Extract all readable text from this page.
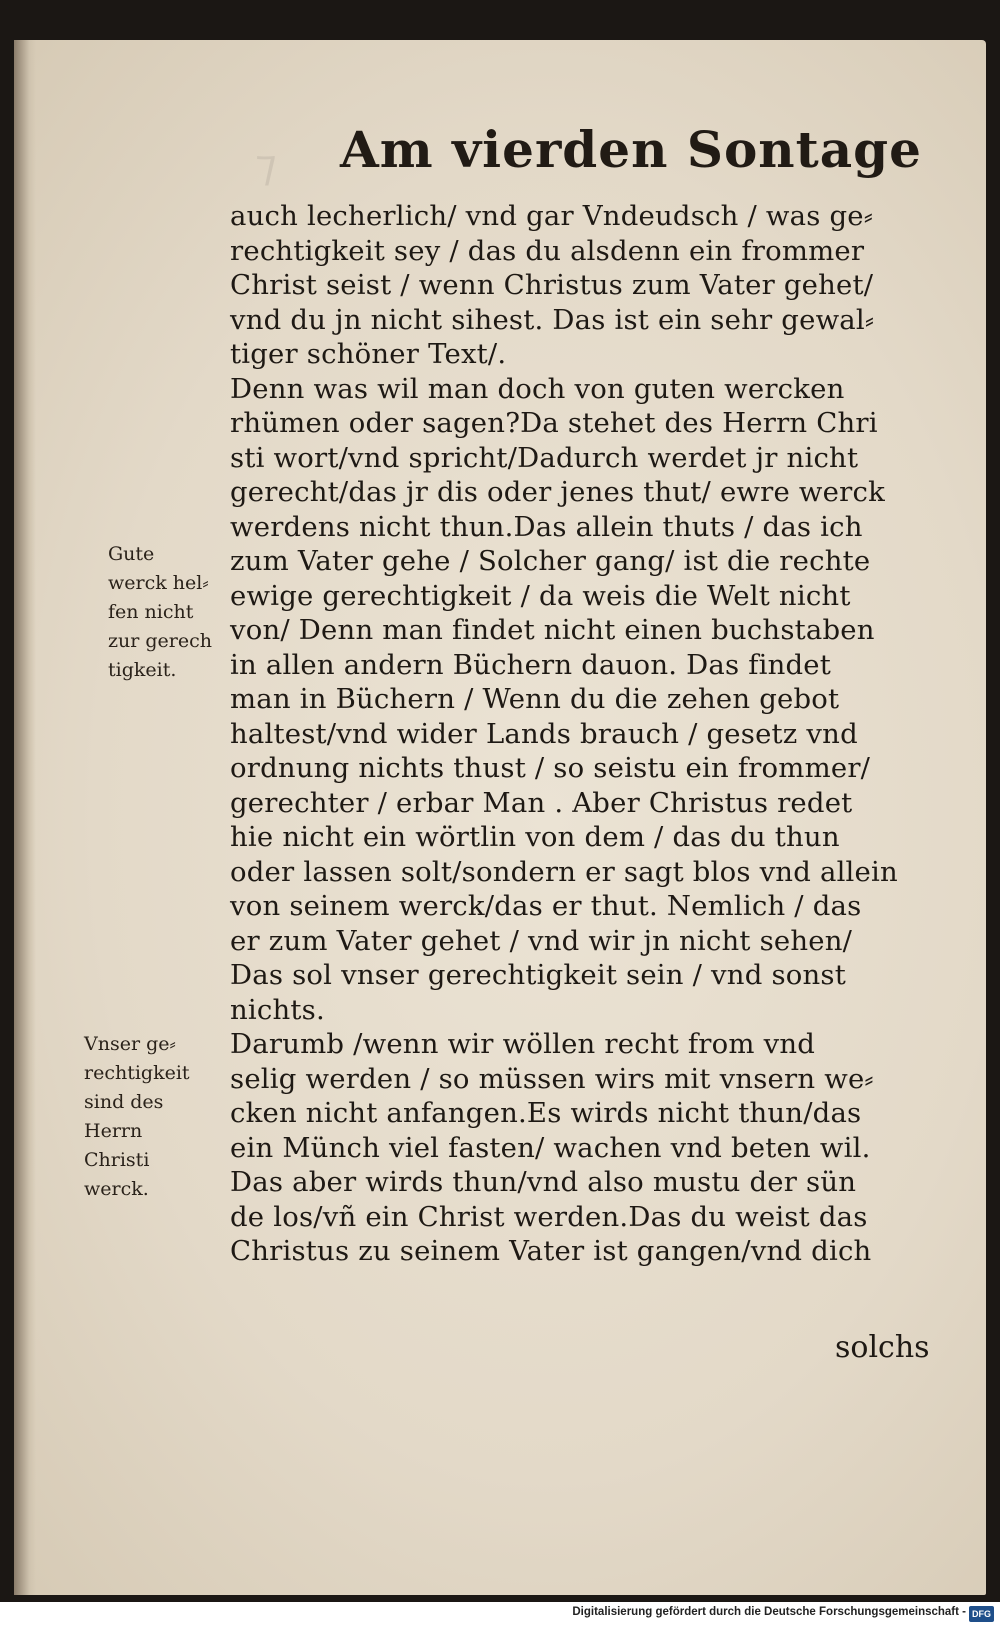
⁊ Am vierden Sontage
Gute
werck hel⸗
fen nicht
zur gerech
tigkeit.
Vnser ge⸗
rechtigkeit
sind des
Herrn
Christi
werck.
auch lecherlich/ vnd gar Vndeudsch / was ge⸗
rechtigkeit sey / das du alsdenn ein frommer
Christ seist / wenn Christus zum Vater gehet/
vnd du jn nicht sihest. Das ist ein sehr gewal⸗
tiger schöner Text/.
Denn was wil man doch von guten wercken
rhümen oder sagen?Da stehet des Herrn Chri
sti wort/vnd spricht/Dadurch werdet jr nicht
gerecht/das jr dis oder jenes thut/ ewre werck
werdens nicht thun.Das allein thuts / das ich
zum Vater gehe / Solcher gang/ ist die rechte
ewige gerechtigkeit / da weis die Welt nicht
von/ Denn man findet nicht einen buchstaben
in allen andern Büchern dauon. Das findet
man in Büchern / Wenn du die zehen gebot
haltest/vnd wider Lands brauch / gesetz vnd
ordnung nichts thust / so seistu ein frommer/
gerechter / erbar Man . Aber Christus redet
hie nicht ein wörtlin von dem / das du thun
oder lassen solt/sondern er sagt blos vnd allein
von seinem werck/das er thut. Nemlich / das
er zum Vater gehet / vnd wir jn nicht sehen/
Das sol vnser gerechtigkeit sein / vnd sonst
nichts.
Darumb /wenn wir wöllen recht from vnd
selig werden / so müssen wirs mit vnsern we⸗
cken nicht anfangen.Es wirds nicht thun/das
ein Münch viel fasten/ wachen vnd beten wil.
Das aber wirds thun/vnd also mustu der sün
de los/vñ ein Christ werden.Das du weist das
Christus zu seinem Vater ist gangen/vnd dich
solchs
Digitalisierung gefördert durch die Deutsche Forschungsgemeinschaft - DFG
